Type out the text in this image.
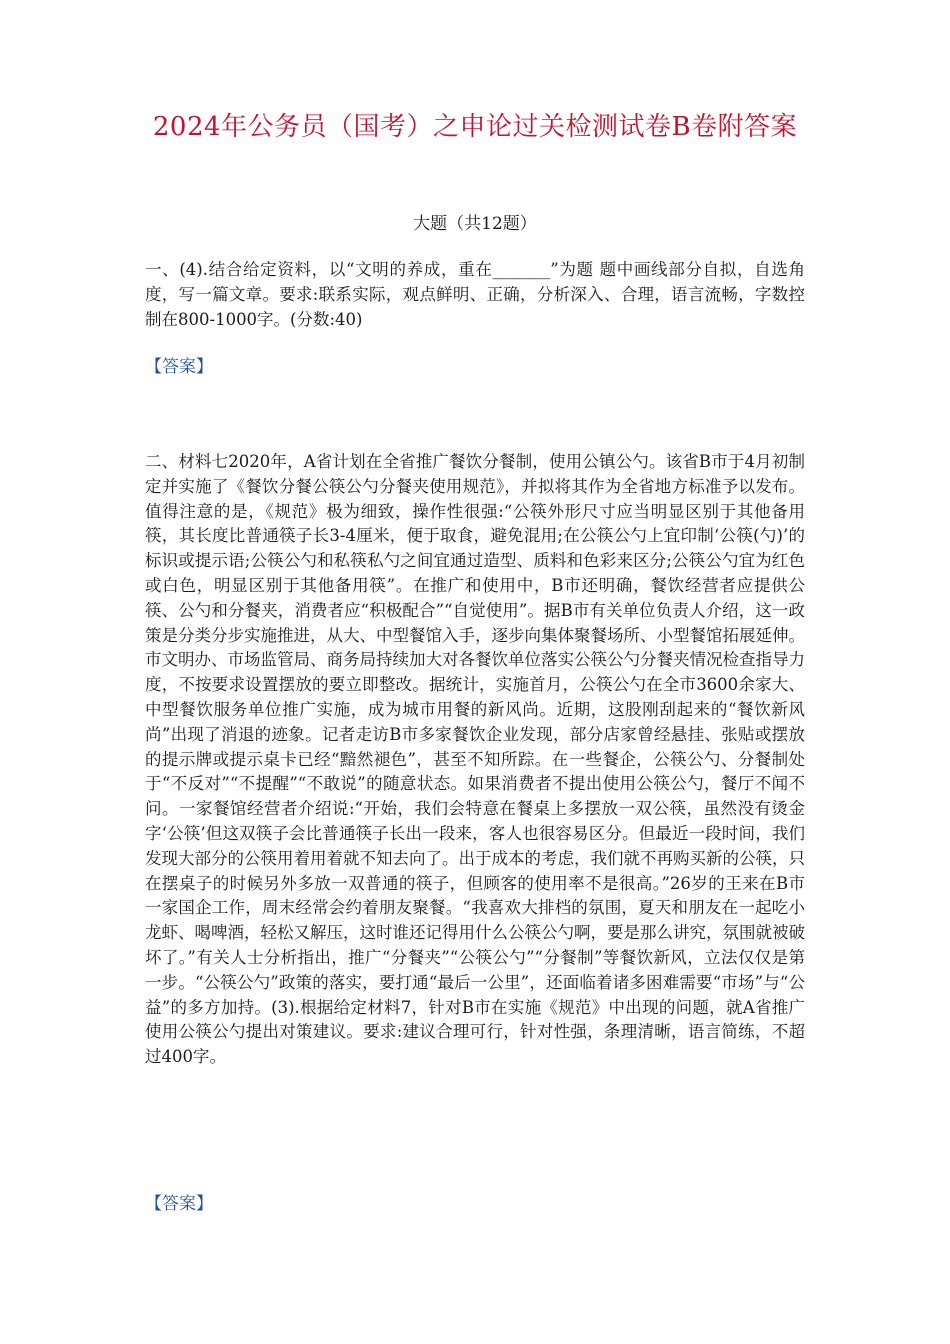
2024年公务员（国考）之申论过关检测试卷B卷附答案
大题（共12题）

一、(4).结合给定资料，以“文明的养成，重在_______”为题 题中画线部分自拟，自选角度，写一篇文章。要求:联系实际，观点鲜明、正确，分析深入、合理，语言流畅，字数控制在800-1000字。(分数:40)

【答案】

二、材料七2020年，A省计划在全省推广餐饮分餐制，使用公镇公勺。该省B市于4月初制定并实施了《餐饮分餐公筷公勺分餐夹使用规范》，并拟将其作为全省地方标准予以发布。值得注意的是，《规范》极为细致，操作性很强:“公筷外形尺寸应当明显区别于其他备用筷，其长度比普通筷子长3-4厘米，便于取食，避免混用;在公筷公勺上宜印制‘公筷(勺)’的标识或提示语;公筷公勺和私筷私勺之间宜通过造型、质料和色彩来区分;公筷公勺宜为红色或白色，明显区别于其他备用筷”。在推广和使用中，B市还明确，餐饮经营者应提供公筷、公勺和分餐夹，消费者应“积极配合”“自觉使用”。据B市有关单位负责人介绍，这一政策是分类分步实施推进，从大、中型餐馆入手，逐步向集体聚餐场所、小型餐馆拓展延伸。市文明办、市场监管局、商务局持续加大对各餐饮单位落实公筷公勺分餐夹情况检查指导力度，不按要求设置摆放的要立即整改。据统计，实施首月，公筷公勺在全市3600余家大、中型餐饮服务单位推广实施，成为城市用餐的新风尚。近期，这股刚刮起来的“餐饮新风尚”出现了消退的迹象。记者走访B市多家餐饮企业发现，部分店家曾经悬挂、张贴或摆放的提示牌或提示桌卡已经“黯然褪色”，甚至不知所踪。在一些餐企，公筷公勺、分餐制处于“不反对”“不提醒”“不敢说”的随意状态。如果消费者不提出使用公筷公勺，餐厅不闻不问。一家餐馆经营者介绍说:“开始，我们会特意在餐桌上多摆放一双公筷，虽然没有烫金字‘公筷’但这双筷子会比普通筷子长出一段来，客人也很容易区分。但最近一段时间，我们发现大部分的公筷用着用着就不知去向了。出于成本的考虑，我们就不再购买新的公筷，只在摆桌子的时候另外多放一双普通的筷子，但顾客的使用率不是很高。”26岁的王来在B市一家国企工作，周末经常会约着朋友聚餐。“我喜欢大排档的氛围，夏天和朋友在一起吃小龙虾、喝啤酒，轻松又解压，这时谁还记得用什么公筷公勺啊，要是那么讲究，氛围就被破坏了。”有关人士分析指出，推广“分餐夹”“公筷公勺”“分餐制”等餐饮新风，立法仅仅是第一步。“公筷公勺”政策的落实，要打通“最后一公里”，还面临着诸多困难需要“市场”与“公益”的多方加持。(3).根据给定材料7，针对B市在实施《规范》中出现的问题，就A省推广使用公筷公勺提出对策建议。要求:建议合理可行，针对性强，条理清晰，语言简练，不超过400字。

【答案】
